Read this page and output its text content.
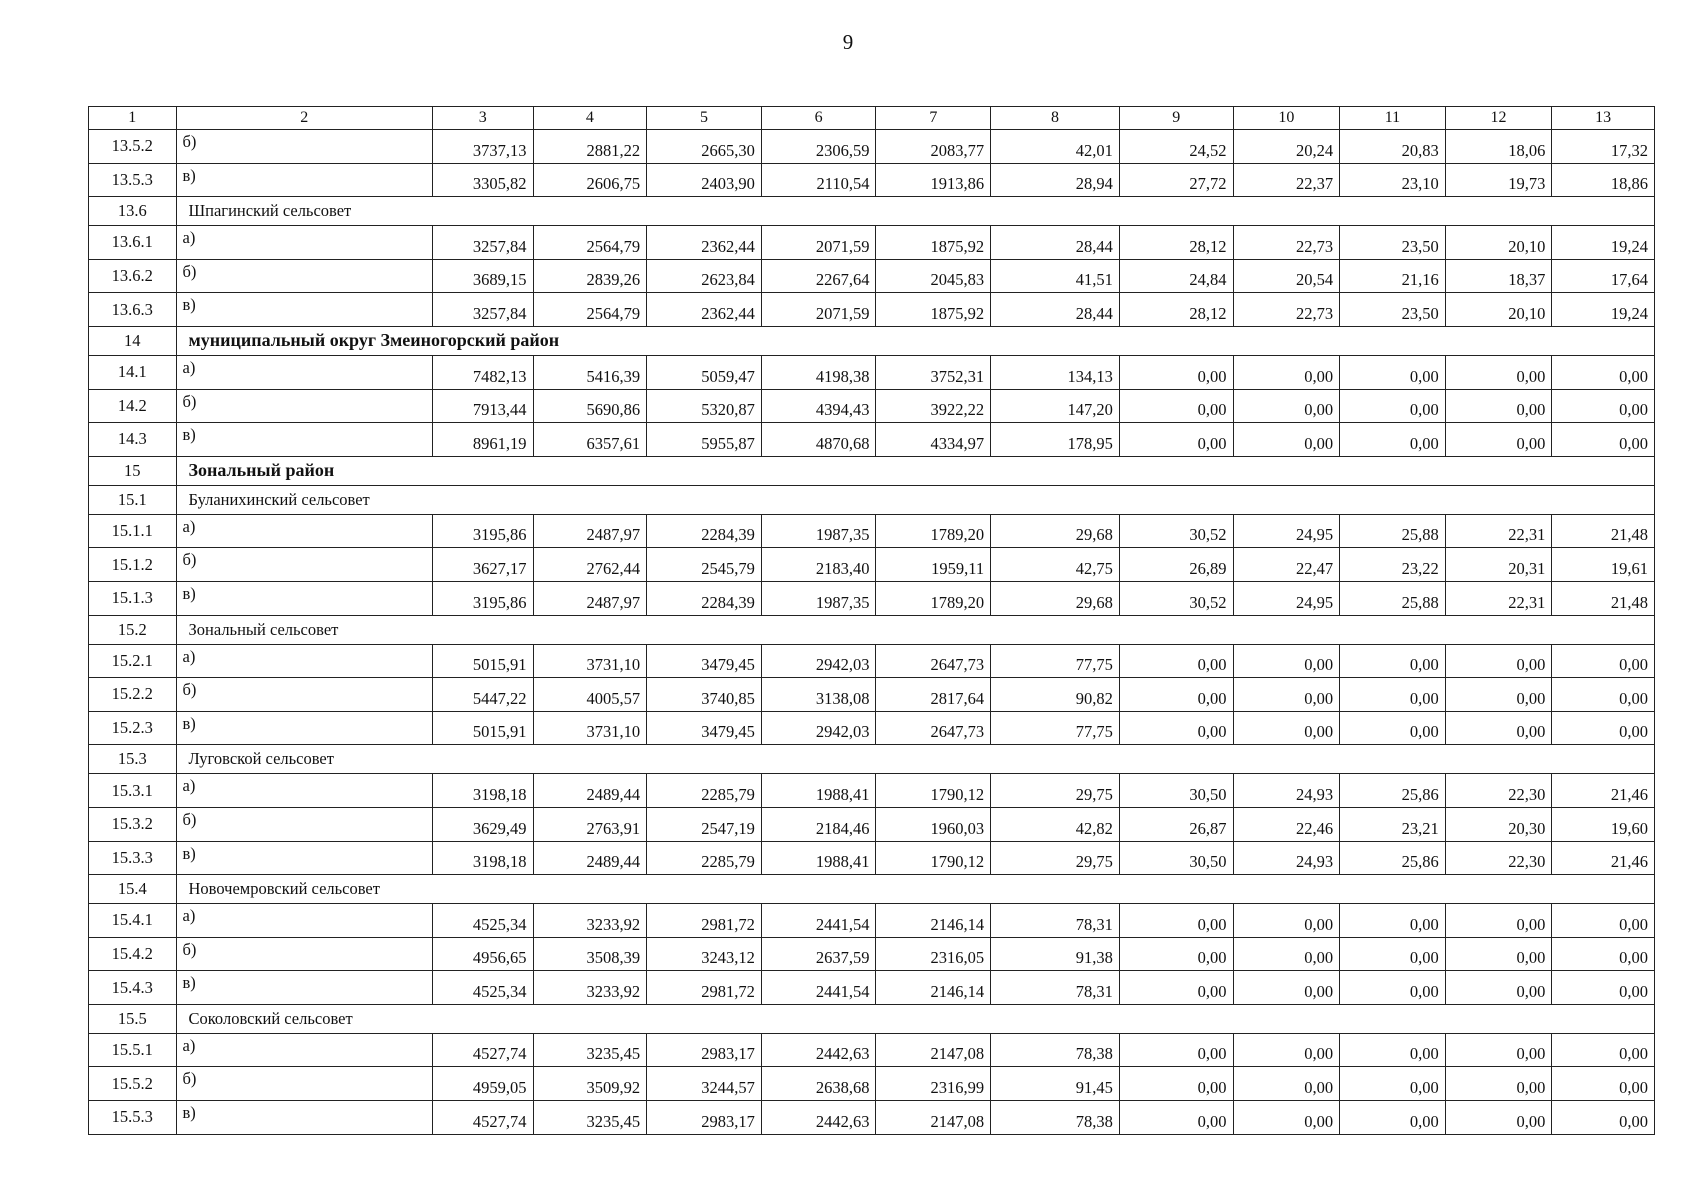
9
1	2	3	4	5	6	7	8	9	10	11	12	13
13.5.2	б)	3737,13	2881,22	2665,30	2306,59	2083,77	42,01	24,52	20,24	20,83	18,06	17,32
13.5.3	в)	3305,82	2606,75	2403,90	2110,54	1913,86	28,94	27,72	22,37	23,10	19,73	18,86
13.6	Шпагинский сельсовет											
13.6.1	а)	3257,84	2564,79	2362,44	2071,59	1875,92	28,44	28,12	22,73	23,50	20,10	19,24
13.6.2	б)	3689,15	2839,26	2623,84	2267,64	2045,83	41,51	24,84	20,54	21,16	18,37	17,64
13.6.3	в)	3257,84	2564,79	2362,44	2071,59	1875,92	28,44	28,12	22,73	23,50	20,10	19,24
14	муниципальный округ Змеиногорский район											
14.1	а)	7482,13	5416,39	5059,47	4198,38	3752,31	134,13	0,00	0,00	0,00	0,00	0,00
14.2	б)	7913,44	5690,86	5320,87	4394,43	3922,22	147,20	0,00	0,00	0,00	0,00	0,00
14.3	в)	8961,19	6357,61	5955,87	4870,68	4334,97	178,95	0,00	0,00	0,00	0,00	0,00
15	Зональный район											
15.1	Буланихинский сельсовет											
15.1.1	а)	3195,86	2487,97	2284,39	1987,35	1789,20	29,68	30,52	24,95	25,88	22,31	21,48
15.1.2	б)	3627,17	2762,44	2545,79	2183,40	1959,11	42,75	26,89	22,47	23,22	20,31	19,61
15.1.3	в)	3195,86	2487,97	2284,39	1987,35	1789,20	29,68	30,52	24,95	25,88	22,31	21,48
15.2	Зональный сельсовет											
15.2.1	а)	5015,91	3731,10	3479,45	2942,03	2647,73	77,75	0,00	0,00	0,00	0,00	0,00
15.2.2	б)	5447,22	4005,57	3740,85	3138,08	2817,64	90,82	0,00	0,00	0,00	0,00	0,00
15.2.3	в)	5015,91	3731,10	3479,45	2942,03	2647,73	77,75	0,00	0,00	0,00	0,00	0,00
15.3	Луговской сельсовет											
15.3.1	а)	3198,18	2489,44	2285,79	1988,41	1790,12	29,75	30,50	24,93	25,86	22,30	21,46
15.3.2	б)	3629,49	2763,91	2547,19	2184,46	1960,03	42,82	26,87	22,46	23,21	20,30	19,60
15.3.3	в)	3198,18	2489,44	2285,79	1988,41	1790,12	29,75	30,50	24,93	25,86	22,30	21,46
15.4	Новочемровский сельсовет											
15.4.1	а)	4525,34	3233,92	2981,72	2441,54	2146,14	78,31	0,00	0,00	0,00	0,00	0,00
15.4.2	б)	4956,65	3508,39	3243,12	2637,59	2316,05	91,38	0,00	0,00	0,00	0,00	0,00
15.4.3	в)	4525,34	3233,92	2981,72	2441,54	2146,14	78,31	0,00	0,00	0,00	0,00	0,00
15.5	Соколовский сельсовет											
15.5.1	а)	4527,74	3235,45	2983,17	2442,63	2147,08	78,38	0,00	0,00	0,00	0,00	0,00
15.5.2	б)	4959,05	3509,92	3244,57	2638,68	2316,99	91,45	0,00	0,00	0,00	0,00	0,00
15.5.3	в)	4527,74	3235,45	2983,17	2442,63	2147,08	78,38	0,00	0,00	0,00	0,00	0,00
